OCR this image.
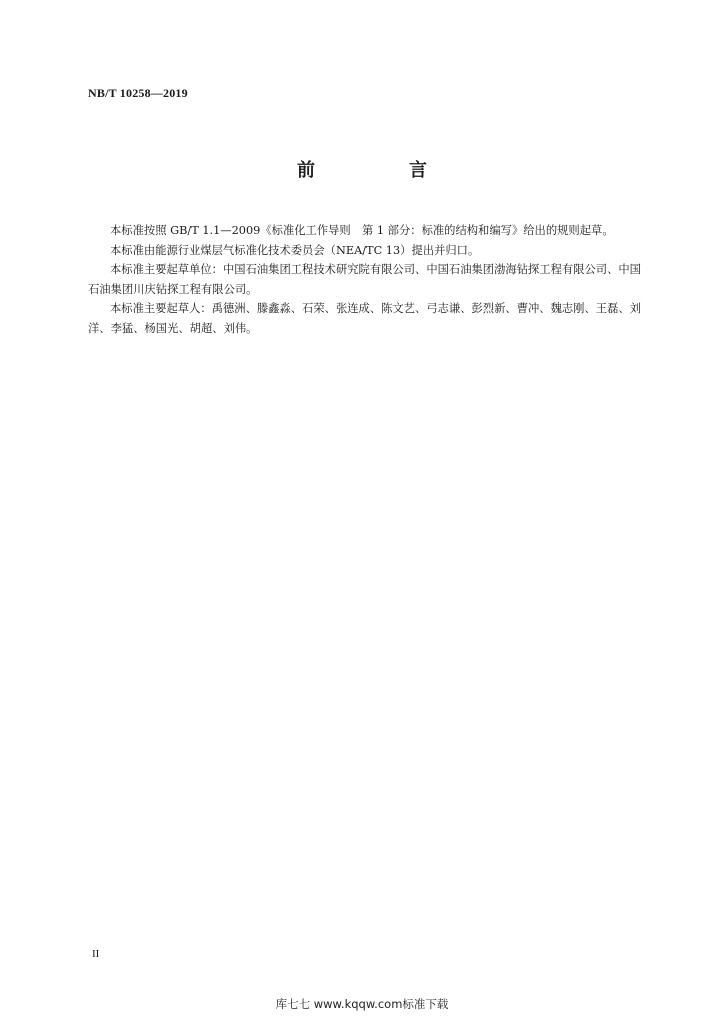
NB/T 10258—2019
前　言

本标准按照 GB/T 1.1—2009《标准化工作导则　第 1 部分：标准的结构和编写》给出的规则起草。

本标准由能源行业煤层气标准化技术委员会（NEA/TC 13）提出并归口。

本标准主要起草单位：中国石油集团工程技术研究院有限公司、中国石油集团渤海钻探工程有限公司、中国石油集团川庆钻探工程有限公司。

本标准主要起草人：禹德洲、滕鑫淼、石荣、张连成、陈文艺、弓志谦、彭烈新、曹冲、魏志刚、王磊、刘洋、李猛、杨国光、胡超、刘伟。

II
库七七 www.kqqw.com标准下载
